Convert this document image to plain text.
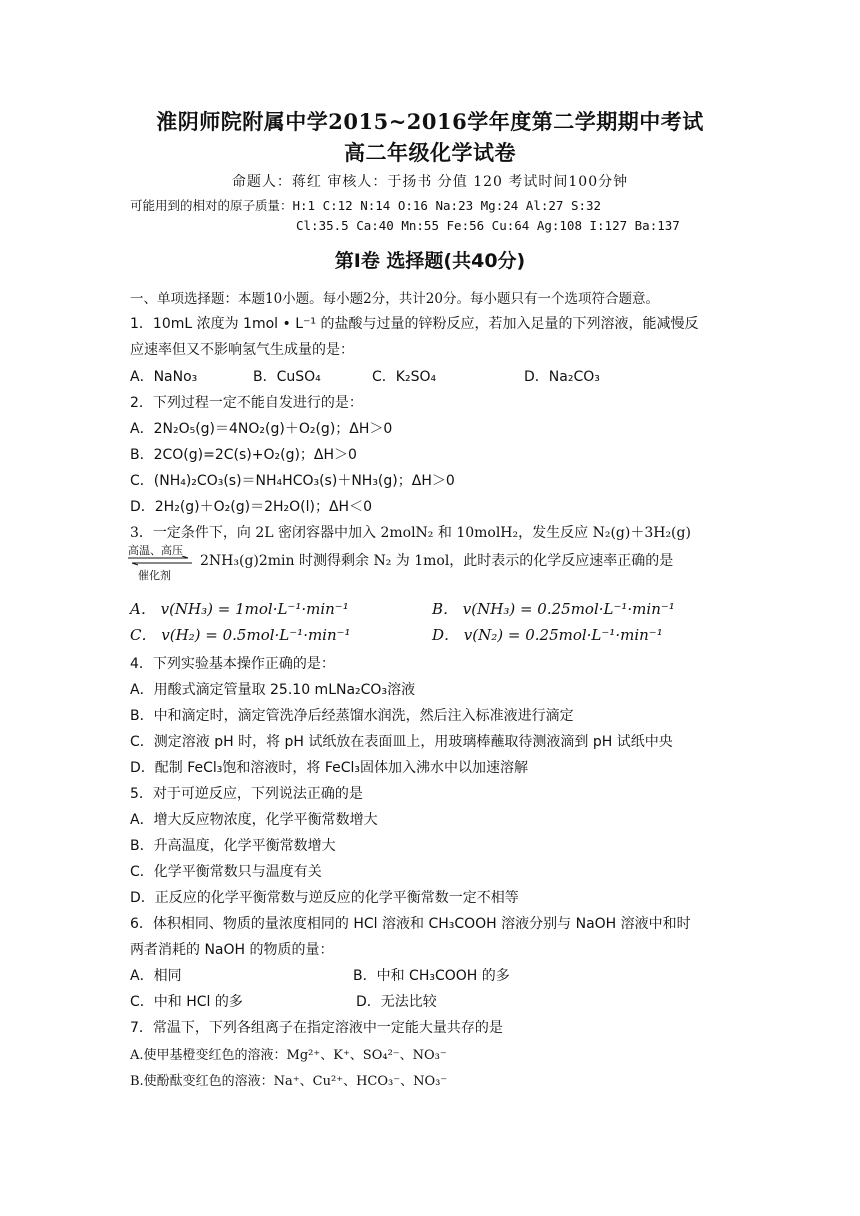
淮阴师院附属中学2015~2016学年度第二学期期中考试
高二年级化学试卷
命题人：蒋红 审核人：于扬书 分值 120 考试时间100分钟
可能用到的相对的原子质量：H:1 C:12 N:14 O:16 Na:23 Mg:24 Al:27 S:32
Cl:35.5 Ca:40 Mn:55 Fe:56 Cu:64 Ag:108 I:127 Ba:137
第Ⅰ卷 选择题(共40分)
一、单项选择题：本题10小题。每小题2分，共计20分。每小题只有一个选项符合题意。
1．10mL 浓度为 1mol • L⁻¹ 的盐酸与过量的锌粉反应，若加入足量的下列溶液，能减慢反
应速率但又不影响氢气生成量的是：
A．NaNo₃	B．CuSO₄	C．K₂SO₄	D．Na₂CO₃
2．下列过程一定不能自发进行的是：
A．2N₂O₅(g)＝4NO₂(g)＋O₂(g)；ΔH＞0
B．2CO(g)=2C(s)+O₂(g)；ΔH＞0
C．(NH₄)₂CO₃(s)＝NH₄HCO₃(s)＋NH₃(g)；ΔH＞0
D．2H₂(g)＋O₂(g)＝2H₂O(l)；ΔH＜0
3．一定条件下，向 2L 密闭容器中加入 2molN₂ 和 10molH₂，发生反应 N₂(g)＋3H₂(g)
高温、高压
2NH₃(g)2min 时测得剩余 N₂ 为 1mol，此时表示的化学反应速率正确的是
催化剂
A． v(NH₃) = 1mol·L⁻¹·min⁻¹	B． v(NH₃) = 0.25mol·L⁻¹·min⁻¹
C． v(H₂) = 0.5mol·L⁻¹·min⁻¹	D． v(N₂) = 0.25mol·L⁻¹·min⁻¹
4．下列实验基本操作正确的是：
A．用酸式滴定管量取 25.10 mLNa₂CO₃溶液
B．中和滴定时，滴定管洗净后经蒸馏水润洗，然后注入标准液进行滴定
C．测定溶液 pH 时，将 pH 试纸放在表面皿上，用玻璃棒蘸取待测液滴到 pH 试纸中央
D．配制 FeCl₃饱和溶液时，将 FeCl₃固体加入沸水中以加速溶解
5．对于可逆反应，下列说法正确的是
A．增大反应物浓度，化学平衡常数增大
B．升高温度，化学平衡常数增大
C．化学平衡常数只与温度有关
D．正反应的化学平衡常数与逆反应的化学平衡常数一定不相等
6．体积相同、物质的量浓度相同的 HCl 溶液和 CH₃COOH 溶液分别与 NaOH 溶液中和时
两者消耗的 NaOH 的物质的量：
A．相同	B．中和 CH₃COOH 的多
C．中和 HCl 的多	D．无法比较
7．常温下，下列各组离子在指定溶液中一定能大量共存的是
A.使甲基橙变红色的溶液：Mg²⁺、K⁺、SO₄²⁻、NO₃⁻
B.使酚酞变红色的溶液：Na⁺、Cu²⁺、HCO₃⁻、NO₃⁻
